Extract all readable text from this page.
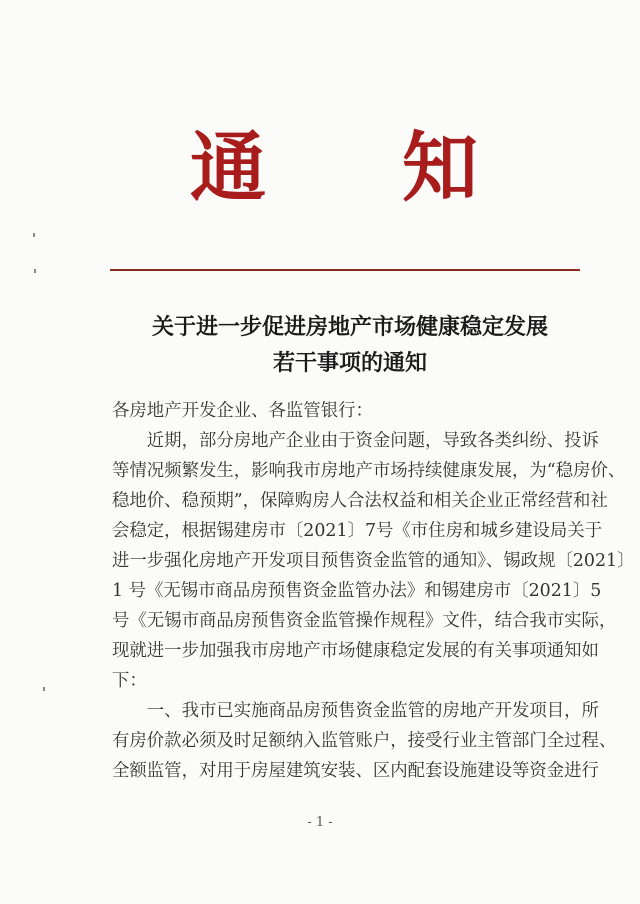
通 知
关于进一步促进房地产市场健康稳定发展
若干事项的通知

各房地产开发企业、各监管银行：

　　近期，部分房地产企业由于资金问题，导致各类纠纷、投诉

等情况频繁发生，影响我市房地产市场持续健康发展，为“稳房价、

稳地价、稳预期”，保障购房人合法权益和相关企业正常经营和社

会稳定，根据锡建房市〔2021〕7号《市住房和城乡建设局关于

进一步强化房地产开发项目预售资金监管的通知》、锡政规〔2021〕

1 号《无锡市商品房预售资金监管办法》和锡建房市〔2021〕5

号《无锡市商品房预售资金监管操作规程》文件，结合我市实际，

现就进一步加强我市房地产市场健康稳定发展的有关事项通知如

下：

　　一、我市已实施商品房预售资金监管的房地产开发项目，所

有房价款必须及时足额纳入监管账户，接受行业主管部门全过程、

全额监管，对用于房屋建筑安装、区内配套设施建设等资金进行

- 1 -
